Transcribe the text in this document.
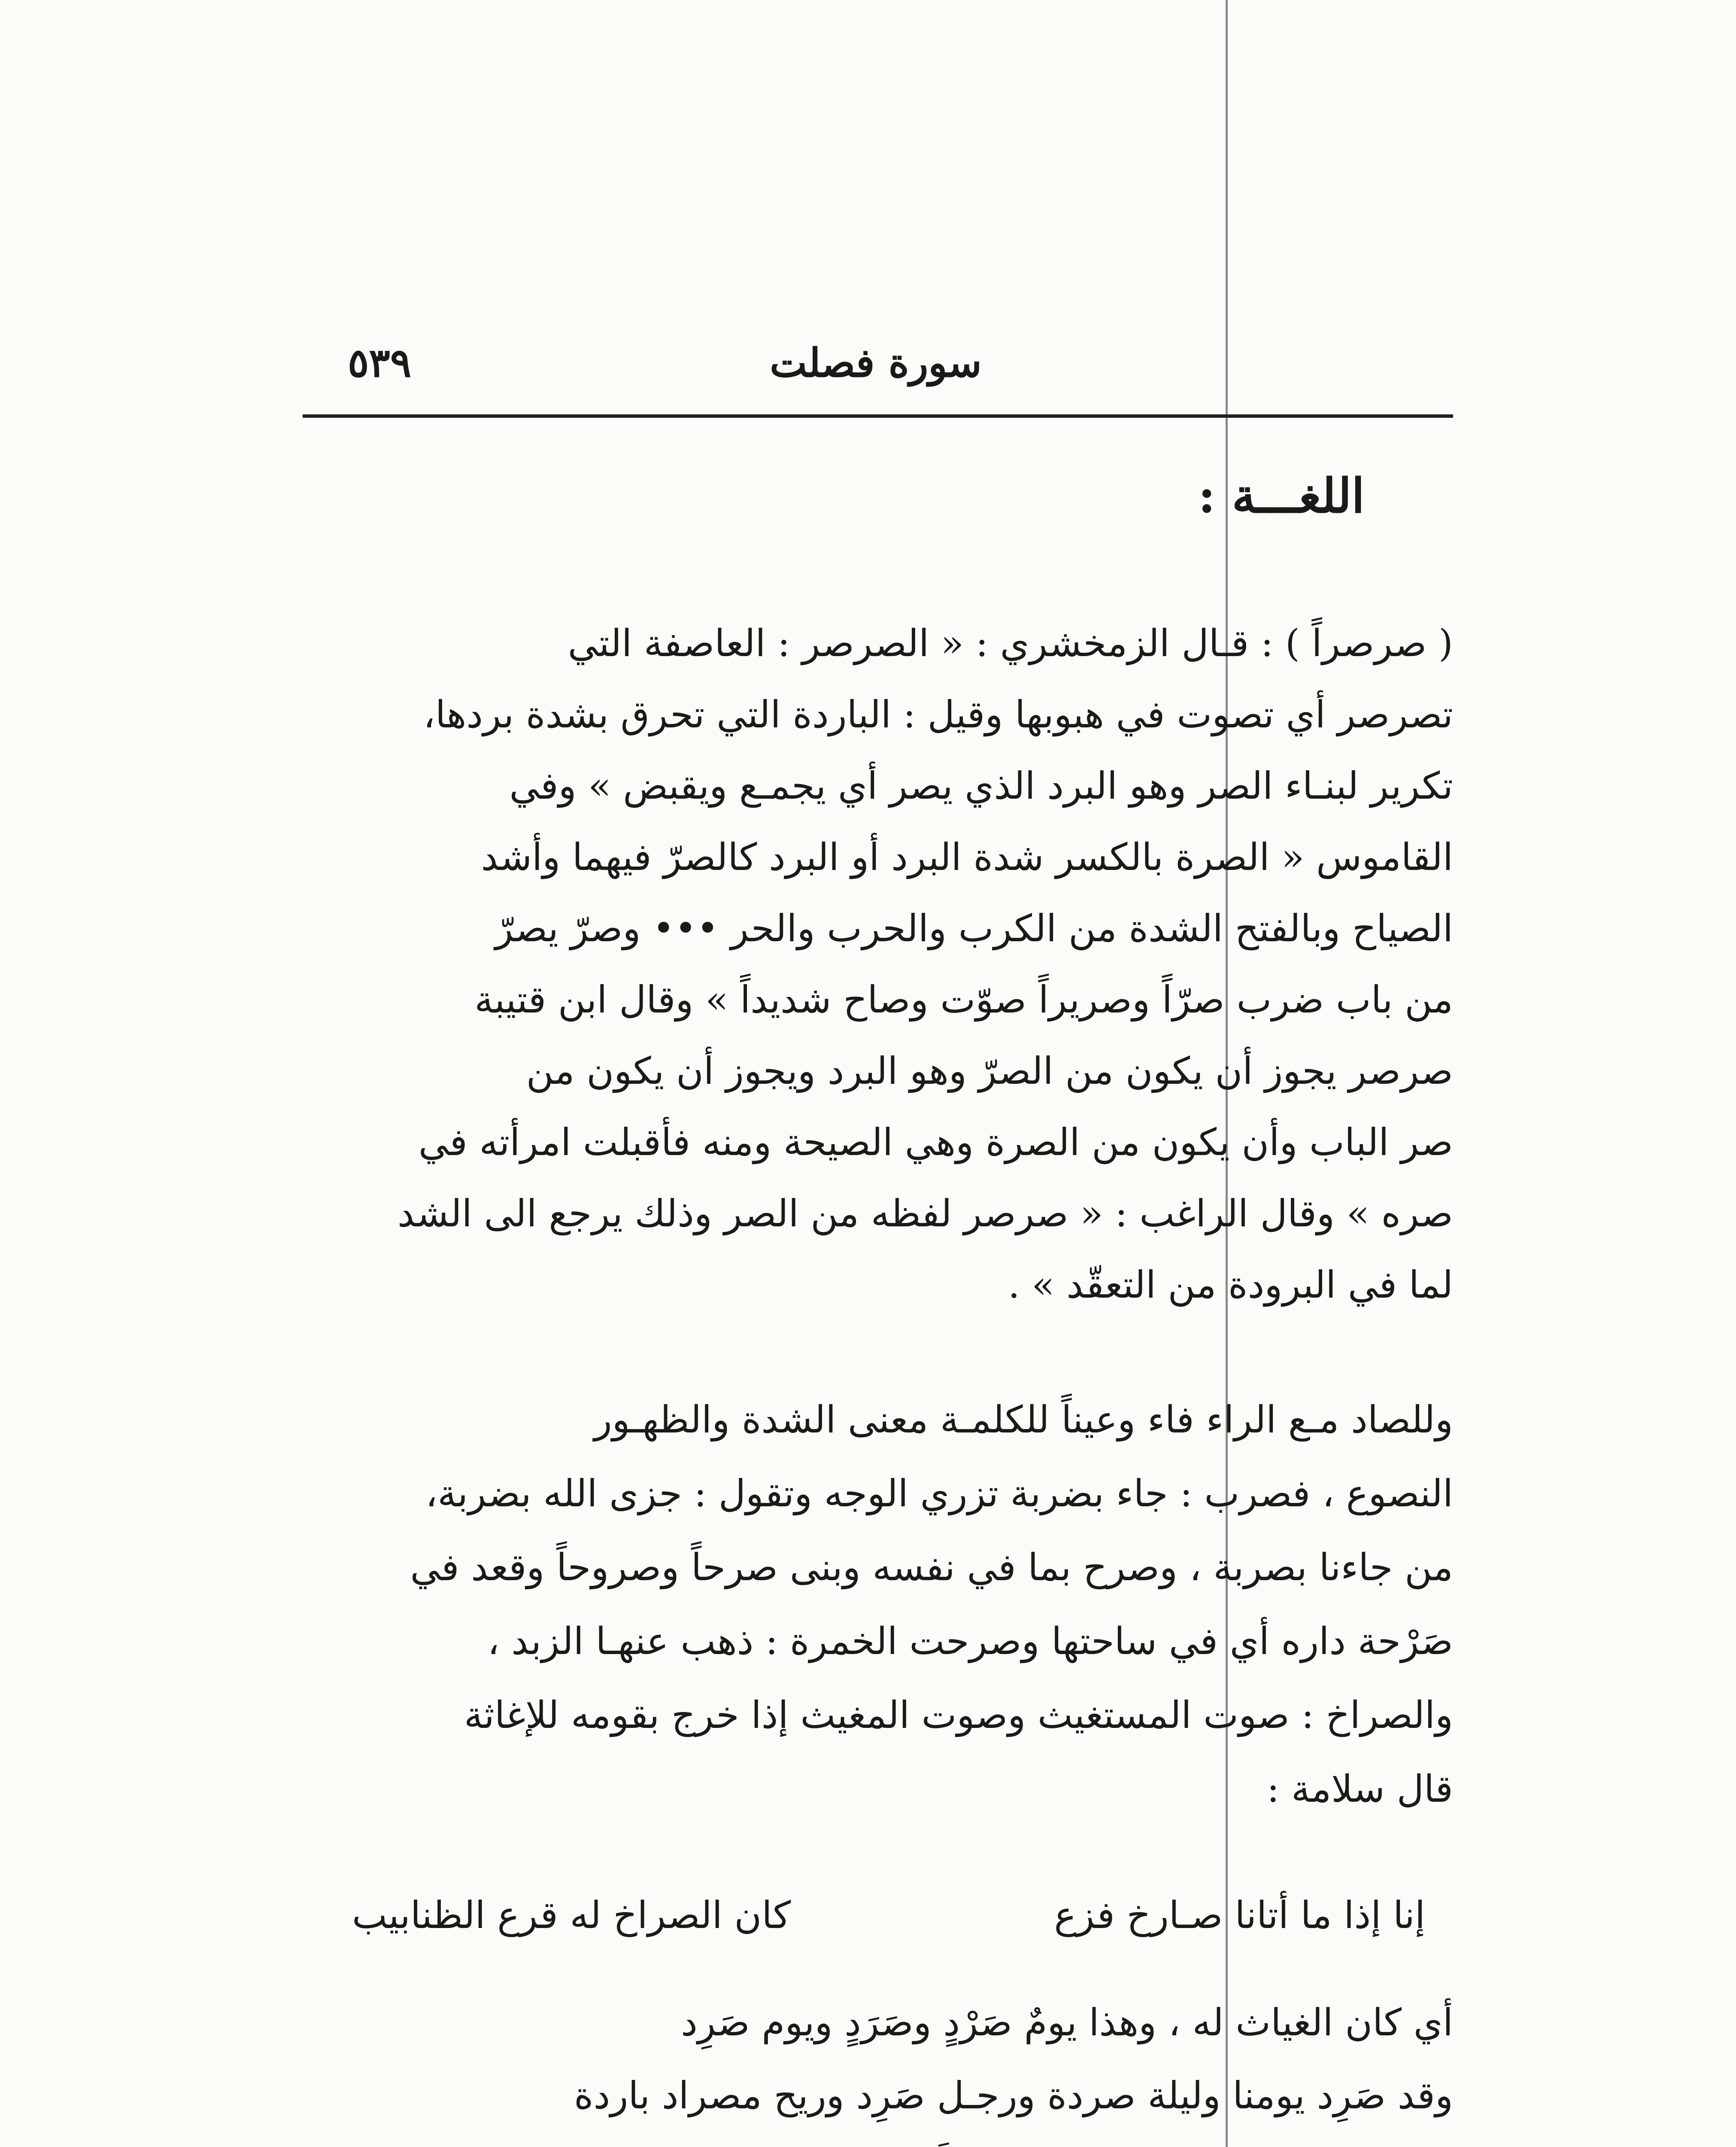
سورة فصلت
٥٣٩
اللغـــة :
( صرصراً ) : قـال الزمخشري : « الصرصر : العاصفة التي
تصرصر أي تصوت في هبوبها وقيل : الباردة التي تحرق بشدة بردها،
تكرير لبنـاء الصر وهو البرد الذي يصر أي يجمـع ويقبض » وفي
القاموس « الصرة بالكسر شدة البرد أو البرد كالصرّ فيهما وأشد
الصياح وبالفتح الشدة من الكرب والحرب والحر ••• وصرّ يصرّ
من باب ضرب صرّاً وصريراً صوّت وصاح شديداً » وقال ابن قتيبة
صرصر يجوز أن يكون من الصرّ وهو البرد ويجوز أن يكون من
صر الباب وأن يكون من الصرة وهي الصيحة ومنه فأقبلت امرأته في
صره » وقال الراغب : « صرصر لفظه من الصر وذلك يرجع الى الشد
لما في البرودة من التعقّد » .
وللصاد مـع الراء فاء وعيناً للكلمـة معنى الشدة والظهـور
النصوع ، فصرب : جاء بضربة تزري الوجه وتقول : جزى الله بضربة،
من جاءنا بصربة ، وصرح بما في نفسه وبنى صرحاً وصروحاً وقعد في
صَرْحة داره أي في ساحتها وصرحت الخمرة : ذهب عنهـا الزبد ،
والصراخ : صوت المستغيث وصوت المغيث إذا خرج بقومه للإغاثة
قال سلامة :
إنا إذا ما أتانا صـارخ فزع
كان الصراخ له قرع الظنابيب
أي كان الغياث له ، وهذا يومٌ صَرْدٍ وصَرَدٍ ويوم صَرِد
وقد صَرِد يومنا وليلة صردة ورجـل صَرِد وريح مصراد باردة
